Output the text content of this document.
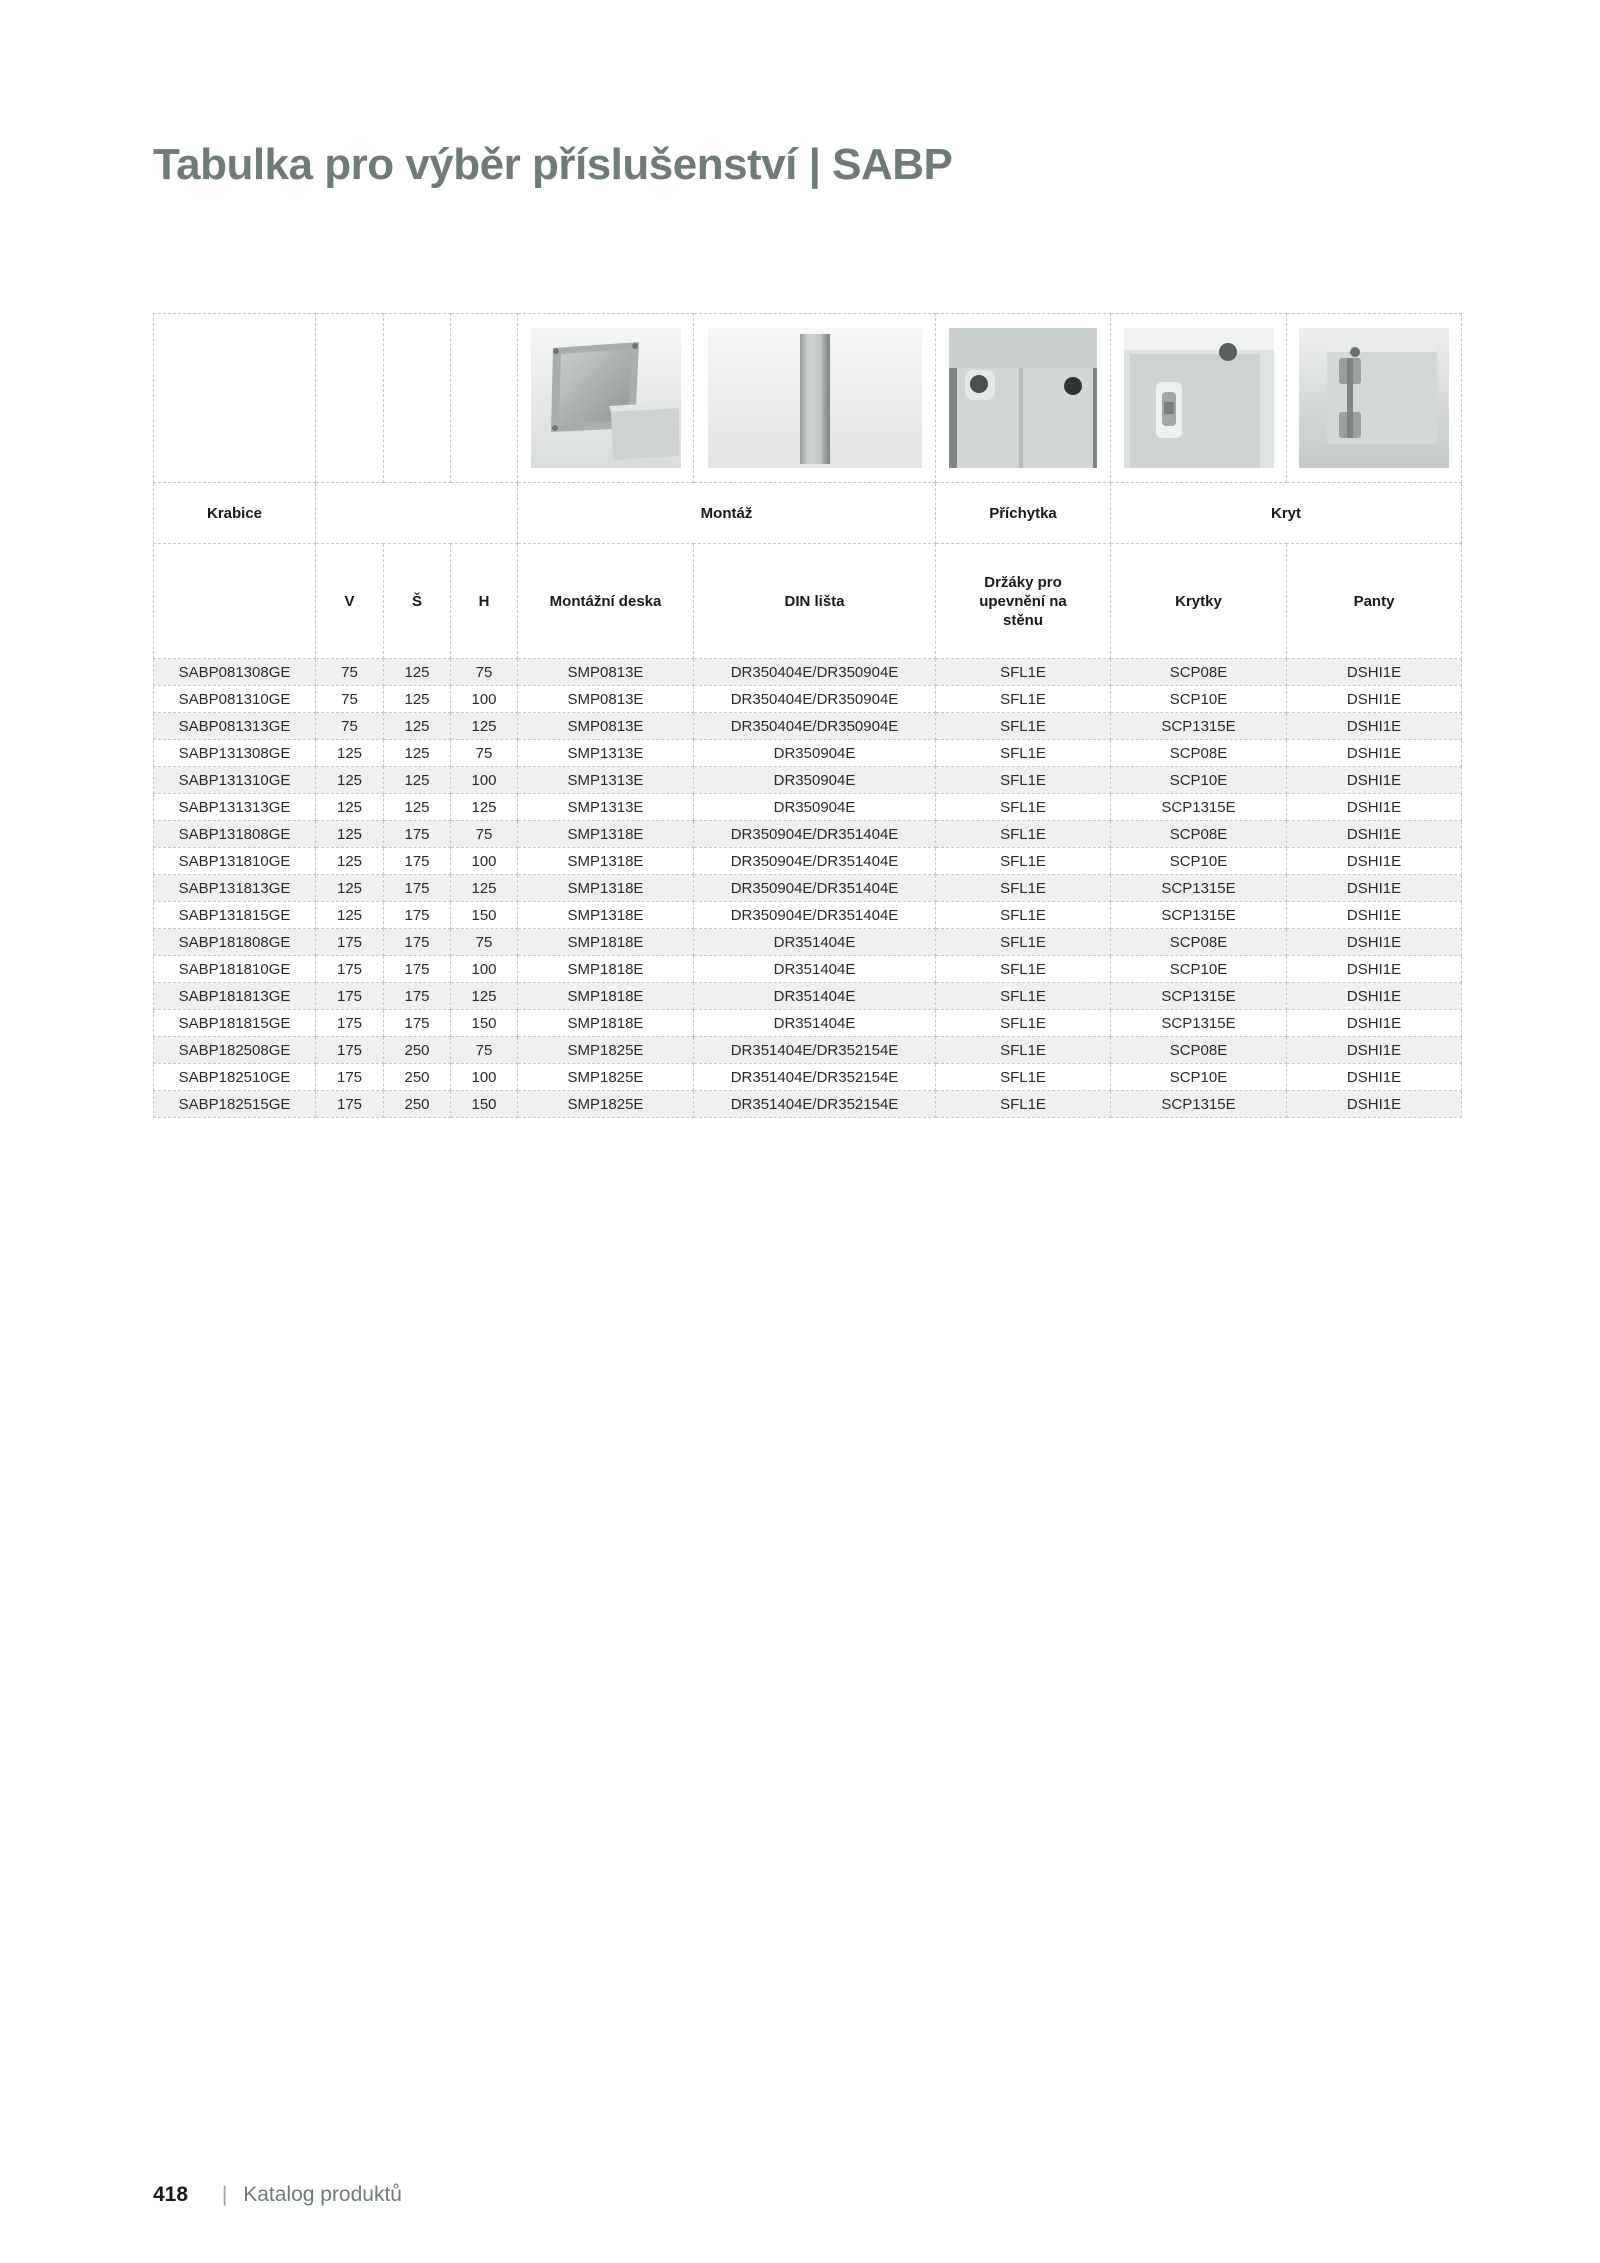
Tabulka pro výběr příslušenství | SABP

Krabice				Montáž		Příchytka	Kryt	
	V	Š	H	Montážní deska	DIN lišta	Držáky pro upevnění na stěnu	Krytky	Panty
SABP081308GE	75	125	75	SMP0813E	DR350404E/DR350904E	SFL1E	SCP08E	DSHI1E
SABP081310GE	75	125	100	SMP0813E	DR350404E/DR350904E	SFL1E	SCP10E	DSHI1E
SABP081313GE	75	125	125	SMP0813E	DR350404E/DR350904E	SFL1E	SCP1315E	DSHI1E
SABP131308GE	125	125	75	SMP1313E	DR350904E	SFL1E	SCP08E	DSHI1E
SABP131310GE	125	125	100	SMP1313E	DR350904E	SFL1E	SCP10E	DSHI1E
SABP131313GE	125	125	125	SMP1313E	DR350904E	SFL1E	SCP1315E	DSHI1E
SABP131808GE	125	175	75	SMP1318E	DR350904E/DR351404E	SFL1E	SCP08E	DSHI1E
SABP131810GE	125	175	100	SMP1318E	DR350904E/DR351404E	SFL1E	SCP10E	DSHI1E
SABP131813GE	125	175	125	SMP1318E	DR350904E/DR351404E	SFL1E	SCP1315E	DSHI1E
SABP131815GE	125	175	150	SMP1318E	DR350904E/DR351404E	SFL1E	SCP1315E	DSHI1E
SABP181808GE	175	175	75	SMP1818E	DR351404E	SFL1E	SCP08E	DSHI1E
SABP181810GE	175	175	100	SMP1818E	DR351404E	SFL1E	SCP10E	DSHI1E
SABP181813GE	175	175	125	SMP1818E	DR351404E	SFL1E	SCP1315E	DSHI1E
SABP181815GE	175	175	150	SMP1818E	DR351404E	SFL1E	SCP1315E	DSHI1E
SABP182508GE	175	250	75	SMP1825E	DR351404E/DR352154E	SFL1E	SCP08E	DSHI1E
SABP182510GE	175	250	100	SMP1825E	DR351404E/DR352154E	SFL1E	SCP10E	DSHI1E
SABP182515GE	175	250	150	SMP1825E	DR351404E/DR352154E	SFL1E	SCP1315E	DSHI1E
418 | Katalog produktů
